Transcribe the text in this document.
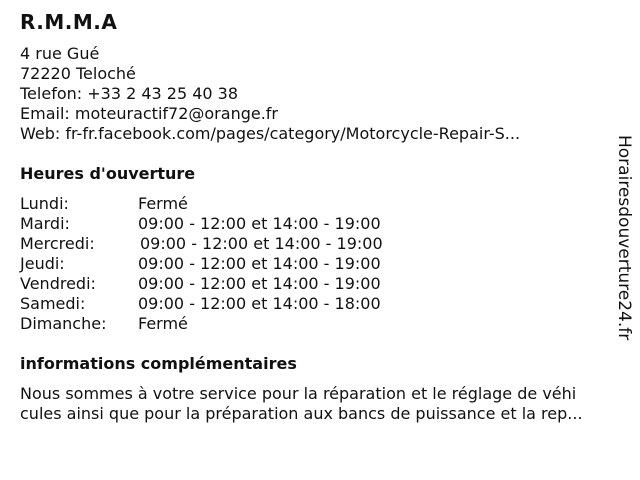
R.M.M.A
4 rue Gué
72220 Teloché
Telefon: +33 2 43 25 40 38
Email: moteuractif72@orange.fr
Web: fr-fr.facebook.com/pages/category/Motorcycle-Repair-S...
Heures d'ouverture
Lundi:	Fermé
Mardi:	09:00 - 12:00 et 14:00 - 19:00
Mercredi:	09:00 - 12:00 et 14:00 - 19:00
Jeudi:	09:00 - 12:00 et 14:00 - 19:00
Vendredi:	09:00 - 12:00 et 14:00 - 19:00
Samedi:	09:00 - 12:00 et 14:00 - 18:00
Dimanche: Fermé
informations complémentaires
Nous sommes à votre service pour la réparation et le réglage de véhi
cules ainsi que pour la préparation aux bancs de puissance et la rep...
Horairesdouverture24.fr
